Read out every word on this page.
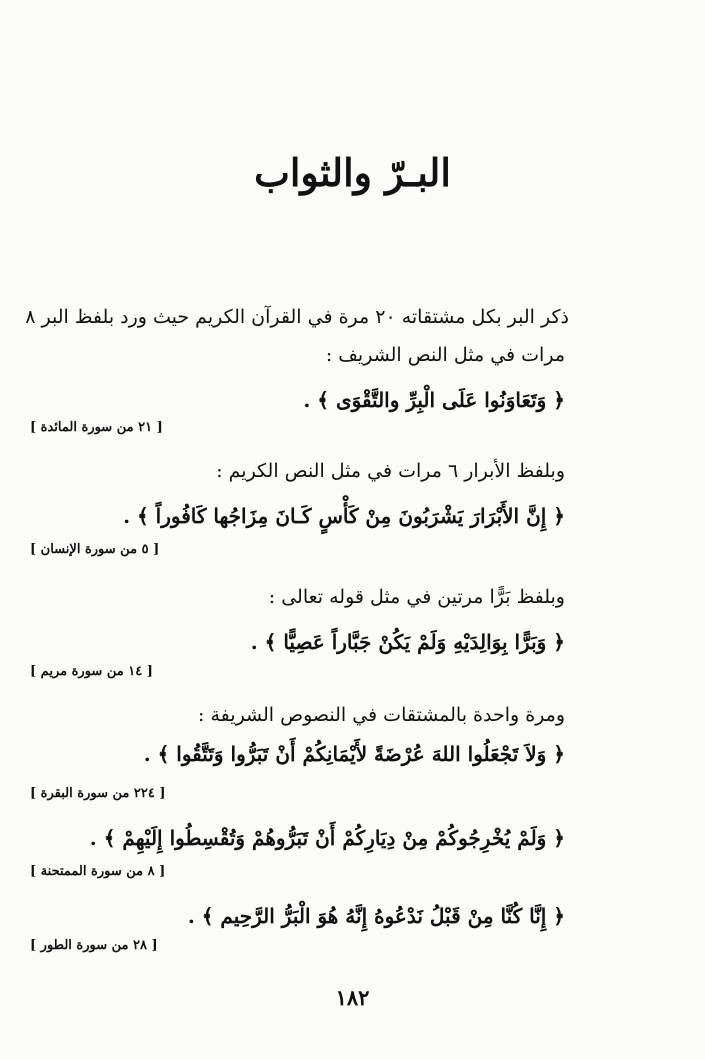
البـرّ والثواب
ذكر البر بكل مشتقاته ٢٠ مرة في القرآن الكريم حيث ورد بلفظ البر ٨
مرات في مثل النص الشريف :
﴿ وَتَعَاوَنُوا عَلَى الْبِرِّ والتَّقْوَى ﴾ .
[ ٢١ من سورة المائدة ]
وبلفظ الأبرار ٦ مرات في مثل النص الكريم :
﴿ إِنَّ الأَبْرَارَ يَشْرَبُونَ مِنْ كَأْسٍ كَـانَ مِزَاجُها كَافُوراً ﴾ .
[ ٥ من سورة الإنسان ]
وبلفظ بَرًّا مرتين في مثل قوله تعالى :
﴿ وَبَرًّا بِوَالِدَيْهِ وَلَمْ يَكُنْ جَبَّاراً عَصِيًّا ﴾ .
[ ١٤ من سورة مريم ]
ومرة واحدة بالمشتقات في النصوص الشريفة :
﴿ وَلاَ تَجْعَلُوا اللهَ عُرْضَةً لأَيْمَانِكُمْ أَنْ تَبَرُّوا وَتَتَّقُوا ﴾ .
[ ٢٢٤ من سورة البقرة ]
﴿ وَلَمْ يُخْرِجُوكُمْ مِنْ دِيَارِكُمْ أَنْ تَبَرُّوهُمْ وَتُقْسِطُوا إِلَيْهِمْ ﴾ .
[ ٨ من سورة الممتحنة ]
﴿ إِنَّا كُنَّا مِنْ قَبْلُ نَدْعُوهُ إِنَّهُ هُوَ الْبَرُّ الرَّحِيم ﴾ .
[ ٢٨ من سورة الطور ]
١٨٢
